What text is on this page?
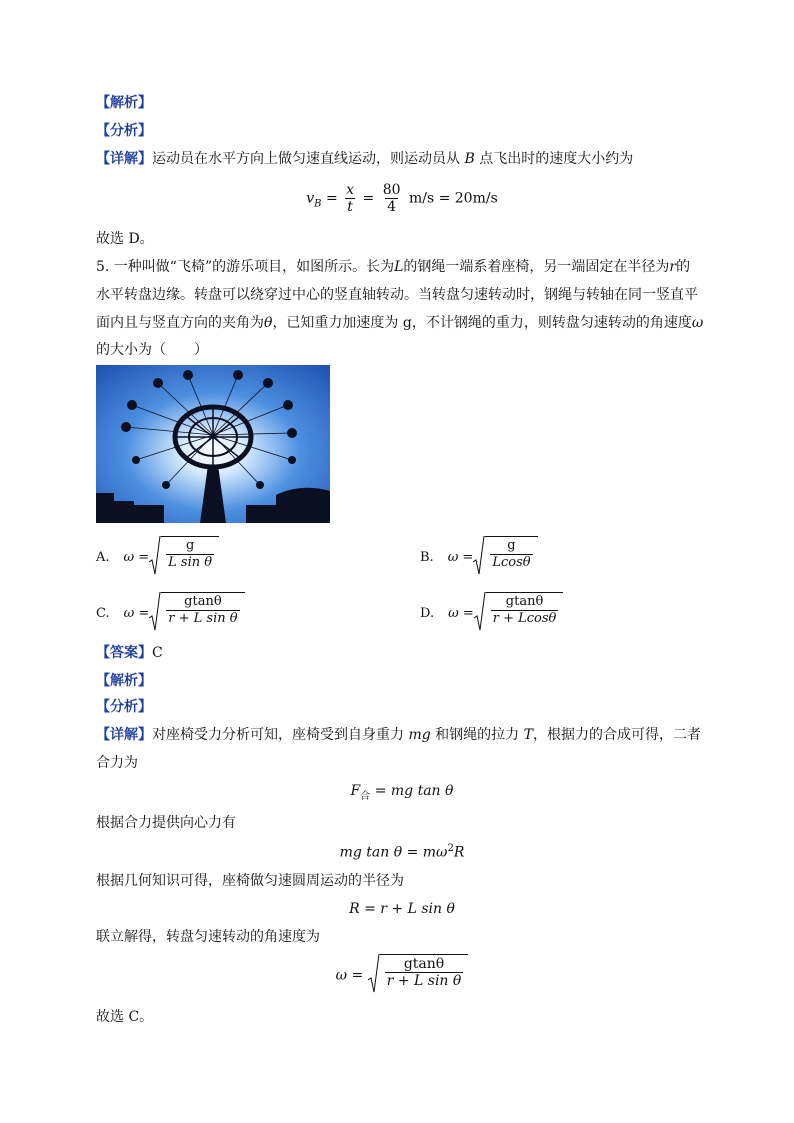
【解析】
【分析】
【详解】运动员在水平方向上做匀速直线运动，则运动员从 B 点飞出时的速度大小约为
$v_B = \frac{x}{t} = \frac{80}{4} m/s = 20m/s$
故选 D。
5. 一种叫做“飞椅”的游乐项目，如图所示。长为L的钢绳一端系着座椅，另一端固定在半径为r的
水平转盘边缘。转盘可以绕穿过中心的竖直轴转动。当转盘匀速转动时，钢绳与转轴在同一竖直平
面内且与竖直方向的夹角为θ，已知重力加速度为 g，不计钢绳的重力，则转盘匀速转动的角速度ω
的大小为（　　）
A. $\omega = \frac{g}{\text{L sin θ}}$	B. $\omega = \frac{g}{Lcos\theta}$
C. $\omega = \frac{gtan\theta}{\text{r + L sin θ}}$	D. $\omega = \frac{gtan\theta}{r + Lcos\theta}$
【答案】C
【解析】
【分析】
【详解】对座椅受力分析可知，座椅受到自身重力 mg 和钢绳的拉力 T，根据力的合成可得，二者
合力为
$F_合$ = mg tan θ
根据合力提供向心力有
mg $\tan \theta = m\omega^2R$
根据几何知识可得，座椅做匀速圆周运动的半径为
R = r + L sin θ
联立解得，转盘匀速转动的角速度为
$\omega = \frac{gtan\theta}{\text{r + L sin θ}}$
故选 C。
